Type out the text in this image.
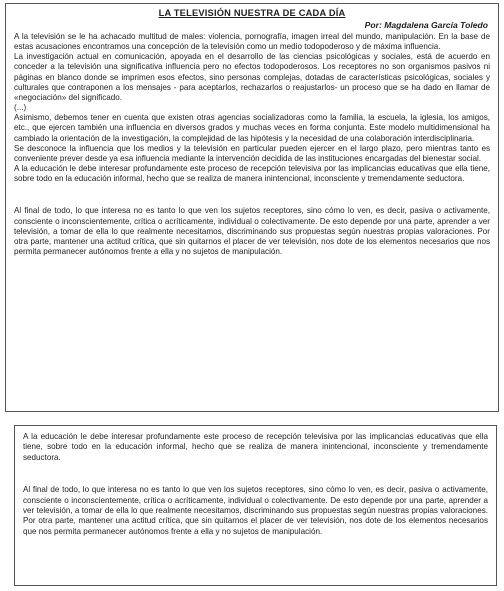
LA TELEVISIÓN NUESTRA DE CADA DÍA

Por: Magdalena García Toledo

A la televisión se le ha achacado multitud de males: violencia, pornografía, imagen irreal del mundo, manipulación. En la base de estas acusaciones encontramos una concepción de la televisión como un medio todopoderoso y de máxima influencia.

La investigación actual en comunicación, apoyada en el desarrollo de las ciencias psicológicas y sociales, está de acuerdo en conceder a la televisión una significativa influencia pero no efectos todopoderosos. Los receptores no son organismos pasivos ni páginas en blanco donde se imprimen esos efectos, sino personas complejas, dotadas de características psicológicas, sociales y culturales que contraponen a los mensajes - para aceptarlos, rechazarlos o reajustarlos- un proceso que se ha dado en llamar de «negociación» del significado.

(...)

Asimismo, debemos tener en cuenta que existen otras agencias socializadoras como la familia, la escuela, la iglesia, los amigos, etc., que ejercen también una influencia en diversos grados y muchas veces en forma conjunta. Este modelo multidimensional ha cambiado la orientación de la investigación, la complejidad de las hipótesis y la necesidad de una colaboración interdisciplinaria.

Se desconoce la influencia que los medios y la televisión en particular pueden ejercer en el largo plazo, pero mientras tanto es conveniente prever desde ya esa influencia mediante la intervención decidida de las instituciones encargadas del bienestar social.

A la educación le debe interesar profundamente este proceso de recepción televisiva por las implicancias educativas que ella tiene, sobre todo en la educación informal, hecho que se realiza de manera inintencional, inconsciente y tremendamente seductora.

Al final de todo, lo que interesa no es tanto lo que ven los sujetos receptores, sino cómo lo ven, es decir, pasiva o activamente, consciente o inconscientemente, crítica o acríticamente, individual o colectivamente. De esto depende por una parte, aprender a ver televisión, a tomar de ella lo que realmente necesitamos, discriminando sus propuestas según nuestras propias valoraciones. Por otra parte, mantener una actitud crítica, que sin quitarnos el placer de ver televisión, nos dote de los elementos necesarios que nos permita permanecer autónomos frente a ella y no sujetos de manipulación.

A la educación le debe interesar profundamente este proceso de recepción televisiva por las implicancias educativas que ella tiene, sobre todo en la educación informal, hecho que se realiza de manera inintencional, inconsciente y tremendamente seductora.

Al final de todo, lo que interesa no es tanto lo que ven los sujetos receptores, sino cómo lo ven, es decir, pasiva o activamente, consciente o inconscientemente, crítica o acríticamente, individual o colectivamente. De esto depende por una parte, aprender a ver televisión, a tomar de ella lo que realmente necesitamos, discriminando sus propuestas según nuestras propias valoraciones. Por otra parte, mantener una actitud crítica, que sin quitarnos el placer de ver televisión, nos dote de los elementos necesarios que nos permita permanecer autónomos frente a ella y no sujetos de manipulación.
